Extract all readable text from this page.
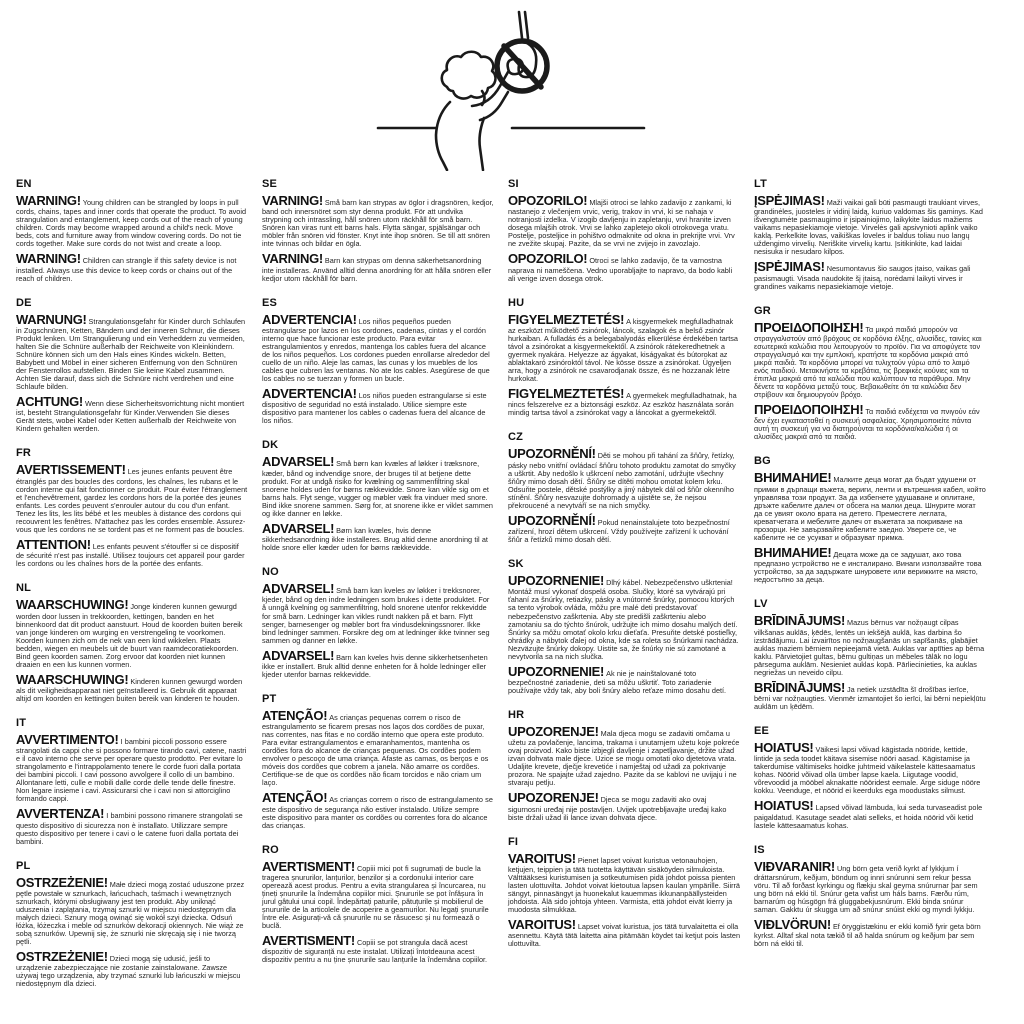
EN

WARNING! Young children can be strangled by loops in pull cords, chains, tapes and inner cords that operate the product. To avoid strangulation and entanglement, keep cords out of the reach of young children. Cords may become wrapped around a child's neck. Move beds, cots and furniture away from window covering cords. Do not tie cords together. Make sure cords do not twist and create a loop.

WARNING! Children can strangle if this safety device is not installed. Always use this device to keep cords or chains out of the reach of children.

DE

WARNUNG! Strangulationsgefahr für Kinder durch Schlaufen in Zugschnüren, Ketten, Bändern und der inneren Schnur, die dieses Produkt lenken. Um Strangulierung und ein Verheddern zu vermeiden, halten Sie die Schnüre außerhalb der Reichweite von Kleinkindern. Schnüre können sich um den Hals eines Kindes wickeln. Betten, Babybett und Möbel in einer sicheren Entfernung von den Schnüren der Fensterrollos aufstellen. Binden Sie keine Kabel zusammen. Achten Sie darauf, dass sich die Schnüre nicht verdrehen und eine Schlaufe bilden.

ACHTUNG! Wenn diese Sicherheitsvorrichtung nicht montiert ist, besteht Strangulationsgefahr für Kinder.Verwenden Sie dieses Gerät stets, wobei Kabel oder Ketten außerhalb der Reichweite von Kindern gehalten werden.

FR

AVERTISSEMENT! Les jeunes enfants peuvent être étranglés par des boucles des cordons, les chaînes, les rubans et le cordon interne qui fait fonctionner ce produit. Pour éviter l'étranglement et l'enchevêtrement, gardez les cordons hors de la portée des jeunes enfants. Les cordes peuvent s'enrouler autour du cou d'un enfant. Tenez les lits, les lits bébé et les meubles à distance des cordons qui recouvrent les fenêtres. N'attachez pas les cordes ensemble. Assurez-vous que les cordons ne se tordent pas et ne forment pas de boucles.

ATTENTION! Les enfants peuvent s'étouffer si ce dispositif de sécurité n'est pas installé. Utilisez toujours cet appareil pour garder les cordons ou les chaînes hors de la portée des enfants.

NL

WAARSCHUWING! Jonge kinderen kunnen gewurgd worden door lussen in trekkoorden, kettingen, banden en het binnenkoord dat dit product aanstuurt. Houd de koorden buiten bereik van jonge kinderen om wurging en verstrengeling te voorkomen. Koorden kunnen zich om de nek van een kind wikkelen. Plaats bedden, wiegen en meubels uit de buurt van raamdecoratiekoorden. Bind geen koorden samen. Zorg ervoor dat koorden niet kunnen draaien en een lus kunnen vormen.

WAARSCHUWING! Kinderen kunnen gewurgd worden als dit veiligheidsapparaat niet geïnstalleerd is. Gebruik dit apparaat altijd om koorden en kettingen buiten bereik van kinderen te houden.

IT

AVVERTIMENTO! I bambini piccoli possono essere strangolati da cappi che si possono formare tirando cavi, catene, nastri e il cavo interno che serve per operare questo prodotto. Per evitare lo strangolamento e l'intrappolamento tenere le corde fuori dalla portata dei bambini piccoli. I cavi possono avvolgere il collo di un bambino. Allontanare letti, culle e mobili dalle corde delle tende delle finestre. Non legare insieme i cavi. Assicurarsi che i cavi non si attorciglino formando cappi.

AVVERTENZA! I bambini possono rimanere strangolati se questo dispositivo di sicurezza non è installato. Utilizzare sempre questo dispositivo per tenere i cavi o le catene fuori dalla portata dei bambini.

PL

OSTRZEŻENIE! Małe dzieci mogą zostać uduszone przez pętle powstałe w sznurkach, łańcuchach, taśmach i wewnętrznych sznurkach, którymi obsługiwany jest ten produkt. Aby uniknąć uduszenia i zaplątania, trzymaj sznurki w miejscu niedostępnym dla małych dzieci. Sznury mogą owinąć się wokół szyi dziecka. Odsuń łóżka, łóżeczka i meble od sznurków dekoracji okiennych. Nie wiąż ze sobą sznurków. Upewnij się, że sznurki nie skręcają się i nie tworzą pętli.

OSTRZEŻENIE! Dzieci mogą się udusić, jeśli to urządzenie zabezpieczające nie zostanie zainstalowane. Zawsze używaj tego urządzenia, aby trzymać sznurki lub łańcuszki w miejscu niedostępnym dla dzieci.

SE

VARNING! Små barn kan strypas av öglor i dragsnören, kedjor, band och innersnöret som styr denna produkt. För att undvika strypning och intrassling, håll snören utom räckhåll för små barn. Snören kan viras runt ett barns hals. Flytta sängar, spjälsängar och möbler från snören vid fönster. Knyt inte ihop snören. Se till att snören inte tvinnas och bildar en ögla.

VARNING! Barn kan strypas om denna säkerhetsanordning inte installeras. Använd alltid denna anordning för att hålla snören eller kedjor utom räckhåll för barn.

ES

ADVERTENCIA! Los niños pequeños pueden estrangularse por lazos en los cordones, cadenas, cintas y el cordón interno que hace funcionar este producto. Para evitar estrangulamientos y enredos, mantenga los cables fuera del alcance de los niños pequeños. Los cordones pueden enrollarse alrededor del cuello de un niño. Aleje las camas, las cunas y los muebles de los cables que cubren las ventanas. No ate los cables. Asegúrese de que los cables no se tuerzan y formen un bucle.

ADVERTENCIA! Los niños pueden estrangularse si este dispositivo de seguridad no está instalado. Utilice siempre este dispositivo para mantener los cables o cadenas fuera del alcance de los niños.

DK

ADVARSEL! Små børn kan kvæles af løkker i træksnore, kæder, bånd og indvendige snore, der bruges til at betjene dette produkt. For at undgå risiko for kvælning og sammenfiltring skal snorene holdes uden for børns rækkevidde. Snore kan vikle sig om et barns hals. Flyt senge, vugger og møbler væk fra vinduer med snore. Bind ikke snorene sammen. Sørg for, at snorene ikke er viklet sammen og ikke danner en løkke.

ADVARSEL! Børn kan kvæles, hvis denne sikkerhedsanordning ikke installeres. Brug altid denne anordning til at holde snore eller kæder uden for børns rækkevidde.

NO

ADVARSEL! Små barn kan kveles av løkker i trekksnorer, kjeder, bånd og den indre ledningen som brukes i dette produktet. For å unngå kvelning og sammenfiltring, hold snorene utenfor rekkevidde for små barn. Ledninger kan vikles rundt nakken på et barn. Flytt senger, barnesenger og møbler bort fra vindusdekningssnorer. Ikke bind ledninger sammen. Forsikre deg om at ledninger ikke tvinner seg sammen og danner en løkke.

ADVARSEL! Barn kan kveles hvis denne sikkerhetsenheten ikke er installert. Bruk alltid denne enheten for å holde ledninger eller kjeder utenfor barnas rekkevidde.

PT

ATENÇÃO! As crianças pequenas correm o risco de estrangulamento se ficarem presas nos laços dos cordões de puxar, nas correntes, nas fitas e no cordão interno que opera este produto. Para evitar estrangulamentos e emaranhamentos, mantenha os cordões fora do alcance de crianças pequenas. Os cordões podem envolver o pescoço de uma criança. Afaste as camas, os berços e os móveis dos cordões que cobrem a janela. Não amarre os cordões. Certifique-se de que os cordões não ficam torcidos e não criam um laço.

ATENÇÃO! As crianças correm o risco de estrangulamento se este dispositivo de segurança não estiver instalado. Utilize sempre este dispositivo para manter os cordões ou correntes fora do alcance das crianças.

RO

AVERTISMENT! Copiii mici pot fi sugrumați de bucle la tragerea șnururilor, lanțurilor, benzilor și a cordonului interior care operează acest produs. Pentru a evita strangularea și încurcarea, nu țineți șnururile la îndemâna copiilor mici. Șnururile se pot înfășura în jurul gâtului unui copil. Îndepărtați paturile, pătuțurile și mobilierul de șnururile de la articolele de acoperire a geamurilor. Nu legați șnururile între ele. Asigurați-vă că șnururile nu se răsucesc și nu formează o buclă.

AVERTISMENT! Copiii se pot strangula dacă acest dispozitiv de siguranță nu este instalat. Utilizați întotdeauna acest dispozitiv pentru a nu ține șnururile sau lanțurile la îndemâna copiilor.

SI

OPOZORILO! Mlajši otroci se lahko zadavijo z zankami, ki nastanejo z vlečenjem vrvic, verig, trakov in vrvi, ki se nahaja v notranjosti izdelka. V izogib davljenju in zapletanju, vrvi hranite izven dosega mlajših otrok. Vrvi se lahko zapletejo okoli otrokovega vratu. Postelje, posteljice in pohištvo odmaknite od okna in prekrijte vrvi. Vrv ne zvežite skupaj. Pazite, da se vrvi ne zvijejo in zavozlajo.

OPOZORILO! Otroci se lahko zadavijo, če ta varnostna naprava ni nameščena. Vedno uporabljajte to napravo, da bodo kabli ali verige izven dosega otrok.

HU

FIGYELMEZTETÉS! A kisgyermekek megfulladhatnak az eszközt működtető zsinórok, láncok, szalagok és a belső zsinór hurkaiban. A fulladás és a belegabalyodás elkerülése érdekében tartsa távol a zsinórokat a kisgyermekektől. A zsinórok rátekeredhetnek a gyermek nyakára. Helyezze az ágyakat, kiságyakat és bútorokat az ablaktakaró zsinóroktól távol. Ne kösse össze a zsinórokat. Ügyeljen arra, hogy a zsinórok ne csavarodjanak össze, és ne hozzanak létre hurkokat.

FIGYELMEZTETÉS! A gyermekek megfulladhatnak, ha nincs felszerelve ez a biztonsági eszköz. Az eszköz használata során mindig tartsa távol a zsinórokat vagy a láncokat a gyermekektől.

CZ

UPOZORNĚNÍ! Děti se mohou při tahání za šňůry, řetízky, pásky nebo vnitřní ovládací šňůru tohoto produktu zamotat do smyčky a uškrtit. Aby nedošlo k uškrcení nebo zamotání, udržujte všechny šňůry mimo dosah dětí. Šňůry se dítěti mohou omotat kolem krku. Odsuňte postele, dětské postýlky a jiný nábytek dál od šňůr okenního stínění. Šňůry nesvazujte dohromady a ujistěte se, že nejsou překroucené a nevytváří se na nich smyčky.

UPOZORNĚNÍ! Pokud nenainstalujete toto bezpečnostní zařízení, hrozí dětem uškrcení. Vždy používejte zařízení k uchování šňůr a řetízků mimo dosah dětí.

SK

UPOZORNENIE! Dlhý kábel. Nebezpečenstvo uškrtenia! Montáž musí vykonať dospelá osoba. Slučky, ktoré sa vytvárajú pri ťahaní za šnúrky, retiazky, pásky a vnútorné šnúrky, pomocou ktorých sa tento výrobok ovláda, môžu pre malé deti predstavovať nebezpečenstvo zaškrtenia. Aby ste predišli zaškrteniu alebo zamotaniu sa do týchto šnúrok, udržujte ich mimo dosahu malých detí. Šnúrky sa môžu omotať okolo krku dieťaťa. Presuňte detské postieľky, ohrádky a nábytok ďalej od okna, kde sa roleta so šnúrkami nachádza. Nezväzujte šnúrky dokopy. Uistite sa, že šnúrky nie sú zamotané a nevytvorila sa na nich slučka.

UPOZORNENIE! Ak nie je nainštalované toto bezpečnostné zariadenie, deti sa môžu uškrtiť. Toto zariadenie používajte vždy tak, aby boli šnúry alebo reťaze mimo dosahu detí.

HR

UPOZORENJE! Mala djeca mogu se zadaviti omčama u užetu za povlačenje, lancima, trakama i unutarnjem užetu koje pokreće ovaj proizvod. Kako biste izbjegli davljenje i zapetljavanje, držite užad izvan dohvata male djece. Uzice se mogu omotati oko djetetova vrata. Udaljite krevete, dječje krevetiće i namještaj od užadi za pokrivanje prozora. Ne spajajte užad zajedno. Pazite da se kablovi ne uvijaju i ne stvaraju petlju.

UPOZORENJE! Djeca se mogu zadaviti ako ovaj sigurnosni uređaj nije postavljen. Uvijek upotrebljavajte uređaj kako biste držali užad ili lance izvan dohvata djece.

FI

VAROITUS! Pienet lapset voivat kuristua vetonauhojen, ketjujen, teippien ja tätä tuotetta käyttävän sisäköyden silmukoista. Välttääksesi kuristumisen ja sotkeutumisen pidä johdot poissa pienten lasten ulottuvilta. Johdot voivat kietoutua lapsen kaulan ympärille. Siirrä sängyt, pinnasängyt ja huonekalut kauemmas ikkunanpäällysteiden johdoista. Älä sido johtoja yhteen. Varmista, että johdot eivät kierry ja muodosta silmukkaa.

VAROITUS! Lapset voivat kuristua, jos tätä turvalaitetta ei olla asennettu. Käytä tätä laitetta aina pitämään köydet tai ketjut pois lasten ulottuvilta.

LT

ĮSPĖJIMAS! Maži vaikai gali būti pasmaugti traukiant virves, grandinėles, juosteles ir vidinį laidą, kuriuo valdomas šis gaminys. Kad išvengtumėte pasmaugimo ir įsipainiojimo, laikykite laidus mažiems vaikams nepasiekiamoje vietoje. Virvelės gali apsivynioti aplink vaiko kaklą. Perkelkite lovas, vaikiškas loveles ir baldus toliau nuo langų uždengimo virvelių. Neriškite virvelių kartu. Įsitikinkite, kad laidai nesisuka ir nesudaro kilpos.

ĮSPĖJIMAS! Nesumontavus šio saugos įtaiso, vaikas gali pasismaugti. Visada naudokite šį įtaisą, norėdami laikyti virves ir grandines vaikams nepasiekiamoje vietoje.

GR

ΠΡΟΕΙΔΟΠΟΙΗΣΗ! Τα μικρά παιδιά μπορούν να στραγγαλιστούν από βρόχους σε κορδόνια έλξης, αλυσίδες, ταινίες και εσωτερικά καλώδια που λειτουργούν το προϊόν. Για να αποφύγετε τον στραγγαλισμό και την εμπλοκή, κρατήστε τα κορδόνια μακριά από μικρά παιδιά. Τα κορδόνια μπορεί να τυλιχτούν γύρω από το λαιμό ενός παιδιού. Μετακινήστε τα κρεβάτια, τις βρεφικές κούνιες και τα έπιπλα μακριά από τα καλώδια που καλύπτουν τα παράθυρα. Μην δένετε τα κορδόνια μεταξύ τους. Βεβαιωθείτε ότι τα καλώδια δεν στρίβουν και δημιουργούν βρόχο.

ΠΡΟΕΙΔΟΠΟΙΗΣΗ! Τα παιδιά ενδέχεται να πνιγούν εάν δεν έχει εγκατασταθεί η συσκευή ασφαλείας. Χρησιμοποιείτε πάντα αυτή τη συσκευή για να διατηρούνται τα κορδόνια/καλώδια ή οι αλυσίδες μακριά από τα παιδιά.

BG

ВНИМАНИЕ! Малките деца могат да бъдат удушени от примки в дърпащи въжета, вериги, ленти и вътрешния кабел, който управлява този продукт. За да избегнете удушаване и оплитане, дръжте кабелите далеч от обсега на малки деца. Шнурите могат да се увият около врата на детето. Преместете леглата, креватчетата и мебелите далеч от въжетата за покриване на прозорци. Не завързвайте кабелите заедно. Уверете се, че кабелите не се усукват и образуват примка.

ВНИМАНИЕ! Децата може да се задушат, ако това предпазно устройство не е инсталирано. Винаги използвайте това устройство, за да задържате шнуровете или верижките на място, недостъпно за деца.

LV

BRĪDINĀJUMS! Mazus bērnus var nožņaugt cilpas vilkšanas auklās, ķēdēs, lentēs un iekšējā auklā, kas darbina šo izstrādājumu. Lai izvairītos no nožņaugšanās un sapīšanās, glabājiet auklas maziem bērniem nepieejamā vietā. Auklas var aptīties ap bērna kaklu. Pārvietojiet gultas, bērnu gultiņas un mēbeles tālāk no logu pārseguma auklām. Nesieniet auklas kopā. Pārliecinieties, ka auklas negriežas un neveido cilpu.

BRĪDINĀJUMS! Ja netiek uzstādīta šī drošības ierīce, bērni var nožņaugties. Vienmēr izmantojiet šo ierīci, lai bērni nepiekļūtu auklām un ķēdēm.

EE

HOIATUS! Väikesi lapsi võivad kägistada nööride, kettide, lintide ja seda toodet käitava sisemise nööri aasad. Kägistamise ja takerdumise vältimiseks hoidke juhtmeid väikelastele kättesaamatus kohas. Nöörid võivad olla ümber lapse kaela. Liigutage voodid, võrevoodid ja mööbel aknakatte nööridest eemale. Ärge siduge nööre kokku. Veenduge, et nöörid ei keerduks ega moodustaks silmust.

HOIATUS! Lapsed võivad lämbuda, kui seda turvaseadist pole paigaldatud. Kasutage seadet alati selleks, et hoida nöörid või ketid lastele kättesaamatus kohas.

IS

VIÐVARANIR! Ung börn geta verið kyrkt af lykkjum í dráttarsnúrum, keðjum, böndum og innri snúrunni sem rekur þessa vöru. Til að forðast kyrkingu og flækju skal geyma snúrurnar þar sem ung börn ná ekki til. Snúrur geta vafist um háls barns. Færðu rúm, barnarúm og húsgögn frá gluggabekjusnúrum. Ekki binda snúrur saman. Gakktu úr skugga um að snúrur snúist ekki og myndi lykkju.

VIÐLVÖRUN! Ef öryggistækinu er ekki komið fyrir geta börn kyrkst. Alltaf skal nota tækið til að halda snúrum og keðjum þar sem börn ná ekki til.
